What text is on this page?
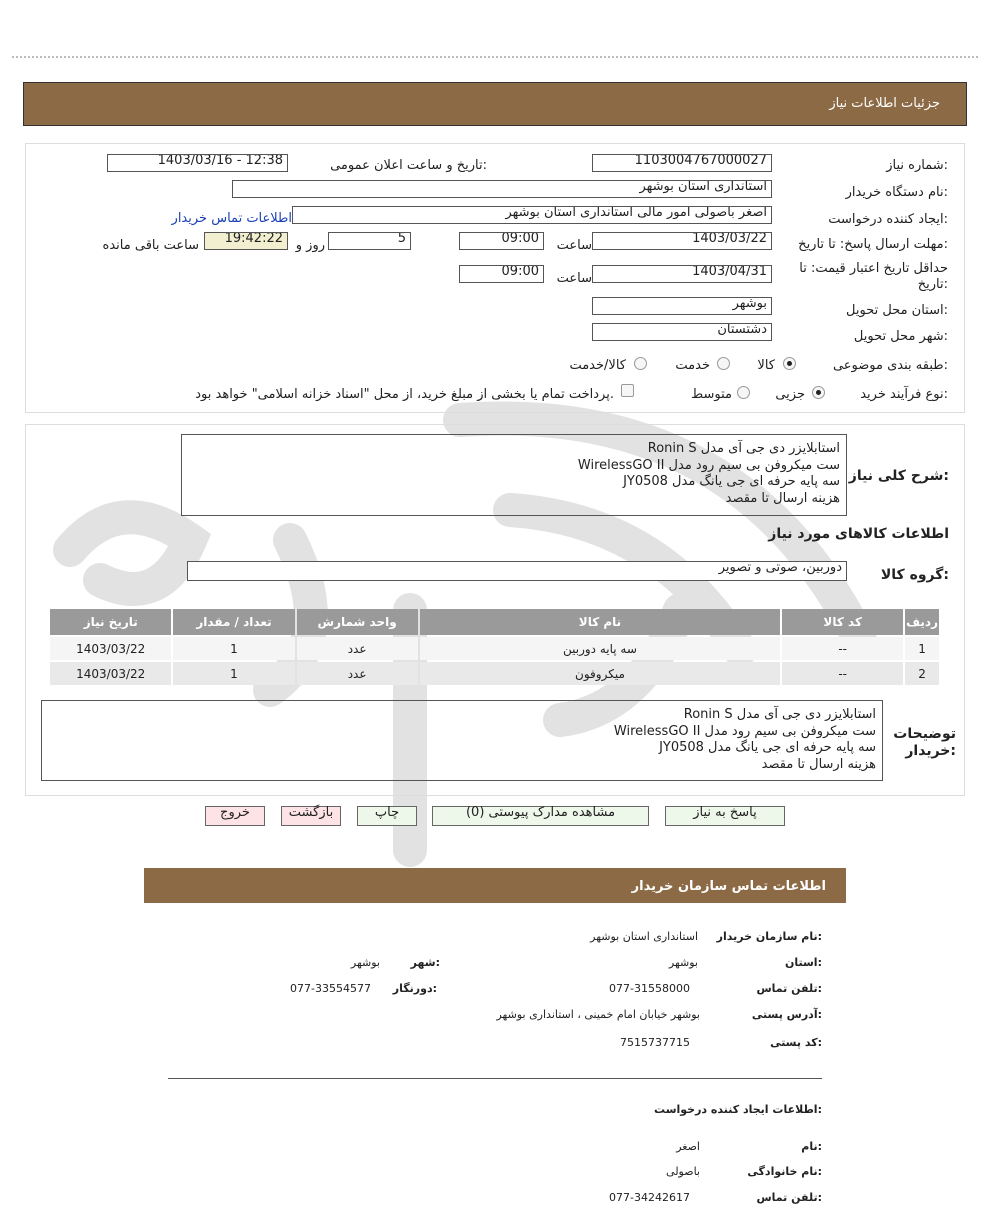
جزئیات اطلاعات نیاز
شماره نیاز:
1103004767000027
تاریخ و ساعت اعلان عمومی:
1403/03/16 - 12:38
نام دستگاه خریدار:
استانداری استان بوشهر
ایجاد کننده درخواست:
اصغر باصولی امور مالی استانداری استان بوشهر
اطلاعات تماس خریدار
مهلت ارسال پاسخ: تا تاریخ:
1403/03/22
ساعت
09:00
5
روز و
19:42:22
ساعت باقی مانده
حداقل تاریخ اعتبار قیمت: تا تاریخ:
1403/04/31
ساعت
09:00
استان محل تحویل:
بوشهر
شهر محل تحویل:
دشتستان
طبقه بندی موضوعی:
کالا
خدمت
کالا/خدمت
نوع فرآیند خرید:
جزیی
متوسط
پرداخت تمام یا بخشی از مبلغ خرید، از محل "اسناد خزانه اسلامی" خواهد بود.
شرح کلی نیاز:
استابلایزر دی جی آی مدل Ronin S
ست میکروفن بی سیم رود مدل WirelessGO II
سه پایه حرفه ای جی یانگ مدل JY0508
هزینه ارسال تا مقصد
اطلاعات کالاهای مورد نیاز
گروه کالا:
دوربین، صوتی و تصویر
ردیف	کد کالا	نام کالا	واحد شمارش	تعداد / مقدار	تاریخ نیاز
1	--	سه پایه دوربین	عدد	1	1403/03/22
2	--	میکروفون	عدد	1	1403/03/22
توضیحات خریدار:
استابلایزر دی جی آی مدل Ronin S
ست میکروفن بی سیم رود مدل WirelessGO II
سه پایه حرفه ای جی یانگ مدل JY0508
هزینه ارسال تا مقصد
پاسخ به نیاز
مشاهده مدارک پیوستی (0)
چاپ
بازگشت
خروج
اطلاعات تماس سازمان خریدار
نام سازمان خریدار:
استانداری استان بوشهر
استان:
بوشهر
شهر:
بوشهر
تلفن تماس:
077-31558000
دورنگار:
077-33554577
آدرس پستی:
بوشهر خیابان امام خمینی ، استانداری بوشهر
کد پستی:
7515737715
اطلاعات ایجاد کننده درخواست:
نام:
اصغر
نام خانوادگی:
باصولی
تلفن تماس:
077-34242617
